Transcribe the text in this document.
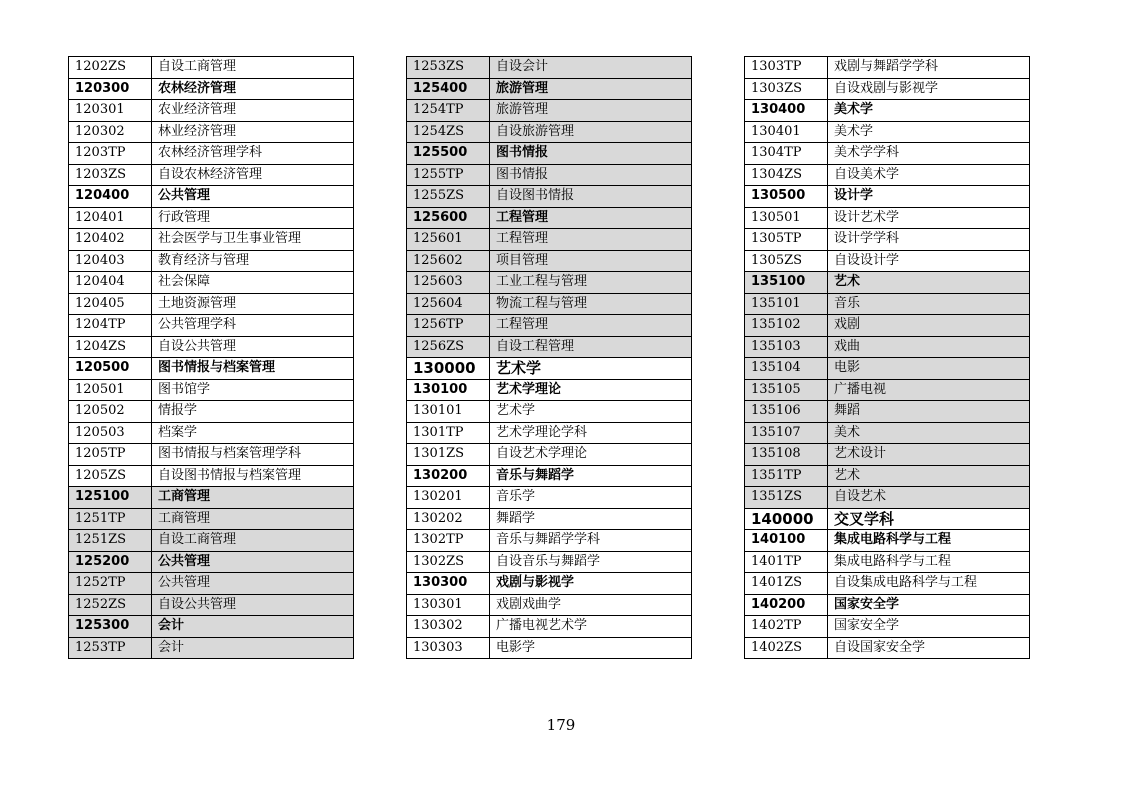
1202ZS	自设工商管理
120300	农林经济管理
120301	农业经济管理
120302	林业经济管理
1203TP	农林经济管理学科
1203ZS	自设农林经济管理
120400	公共管理
120401	行政管理
120402	社会医学与卫生事业管理
120403	教育经济与管理
120404	社会保障
120405	土地资源管理
1204TP	公共管理学科
1204ZS	自设公共管理
120500	图书情报与档案管理
120501	图书馆学
120502	情报学
120503	档案学
1205TP	图书情报与档案管理学科
1205ZS	自设图书情报与档案管理
125100	工商管理
1251TP	工商管理
1251ZS	自设工商管理
125200	公共管理
1252TP	公共管理
1252ZS	自设公共管理
125300	会计
1253TP	会计
1253ZS	自设会计
125400	旅游管理
1254TP	旅游管理
1254ZS	自设旅游管理
125500	图书情报
1255TP	图书情报
1255ZS	自设图书情报
125600	工程管理
125601	工程管理
125602	项目管理
125603	工业工程与管理
125604	物流工程与管理
1256TP	工程管理
1256ZS	自设工程管理
130000	艺术学
130100	艺术学理论
130101	艺术学
1301TP	艺术学理论学科
1301ZS	自设艺术学理论
130200	音乐与舞蹈学
130201	音乐学
130202	舞蹈学
1302TP	音乐与舞蹈学学科
1302ZS	自设音乐与舞蹈学
130300	戏剧与影视学
130301	戏剧戏曲学
130302	广播电视艺术学
130303	电影学
1303TP	戏剧与舞蹈学学科
1303ZS	自设戏剧与影视学
130400	美术学
130401	美术学
1304TP	美术学学科
1304ZS	自设美术学
130500	设计学
130501	设计艺术学
1305TP	设计学学科
1305ZS	自设设计学
135100	艺术
135101	音乐
135102	戏剧
135103	戏曲
135104	电影
135105	广播电视
135106	舞蹈
135107	美术
135108	艺术设计
1351TP	艺术
1351ZS	自设艺术
140000	交叉学科
140100	集成电路科学与工程
1401TP	集成电路科学与工程
1401ZS	自设集成电路科学与工程
140200	国家安全学
1402TP	国家安全学
1402ZS	自设国家安全学
179
